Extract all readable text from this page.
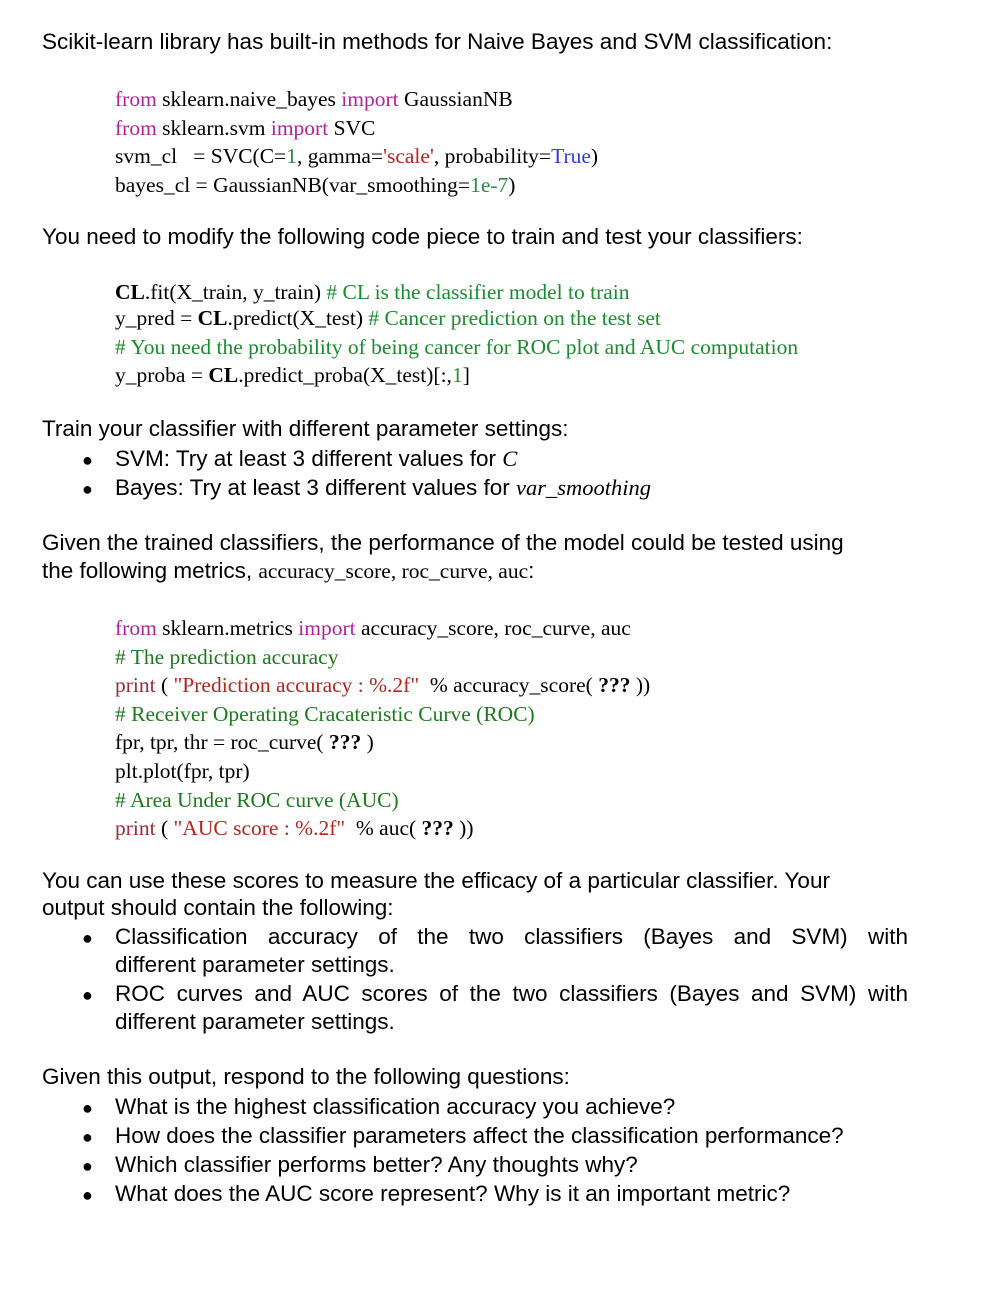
Scikit-learn library has built-in methods for Naive Bayes and SVM classification:
from sklearn.naive_bayes import GaussianNB
from sklearn.svm import SVC
svm_cl   = SVC(C=1, gamma='scale', probability=True)
bayes_cl = GaussianNB(var_smoothing=1e-7)
You need to modify the following code piece to train and test your classifiers:
CL.fit(X_train, y_train) # CL is the classifier model to train
y_pred = CL.predict(X_test) # Cancer prediction on the test set
# You need the probability of being cancer for ROC plot and AUC computation
y_proba = CL.predict_proba(X_test)[:,1]
Train your classifier with different parameter settings:
● SVM: Try at least 3 different values for C
● Bayes: Try at least 3 different values for var_smoothing
Given the trained classifiers, the performance of the model could be tested using
the following metrics, accuracy_score, roc_curve, auc:
from sklearn.metrics import accuracy_score, roc_curve, auc
# The prediction accuracy
print ( "Prediction accuracy : %.2f"  % accuracy_score( ??? ))
# Receiver Operating Cracateristic Curve (ROC)
fpr, tpr, thr = roc_curve( ??? )
plt.plot(fpr, tpr)
# Area Under ROC curve (AUC)
print ( "AUC score : %.2f"  % auc( ??? ))
You can use these scores to measure the efficacy of a particular classifier. Your
output should contain the following:
● Classification accuracy of the two classifiers (Bayes and SVM) with
different parameter settings.
● ROC curves and AUC scores of the two classifiers (Bayes and SVM) with
different parameter settings.
Given this output, respond to the following questions:
● What is the highest classification accuracy you achieve?
● How does the classifier parameters affect the classification performance?
● Which classifier performs better? Any thoughts why?
● What does the AUC score represent? Why is it an important metric?
